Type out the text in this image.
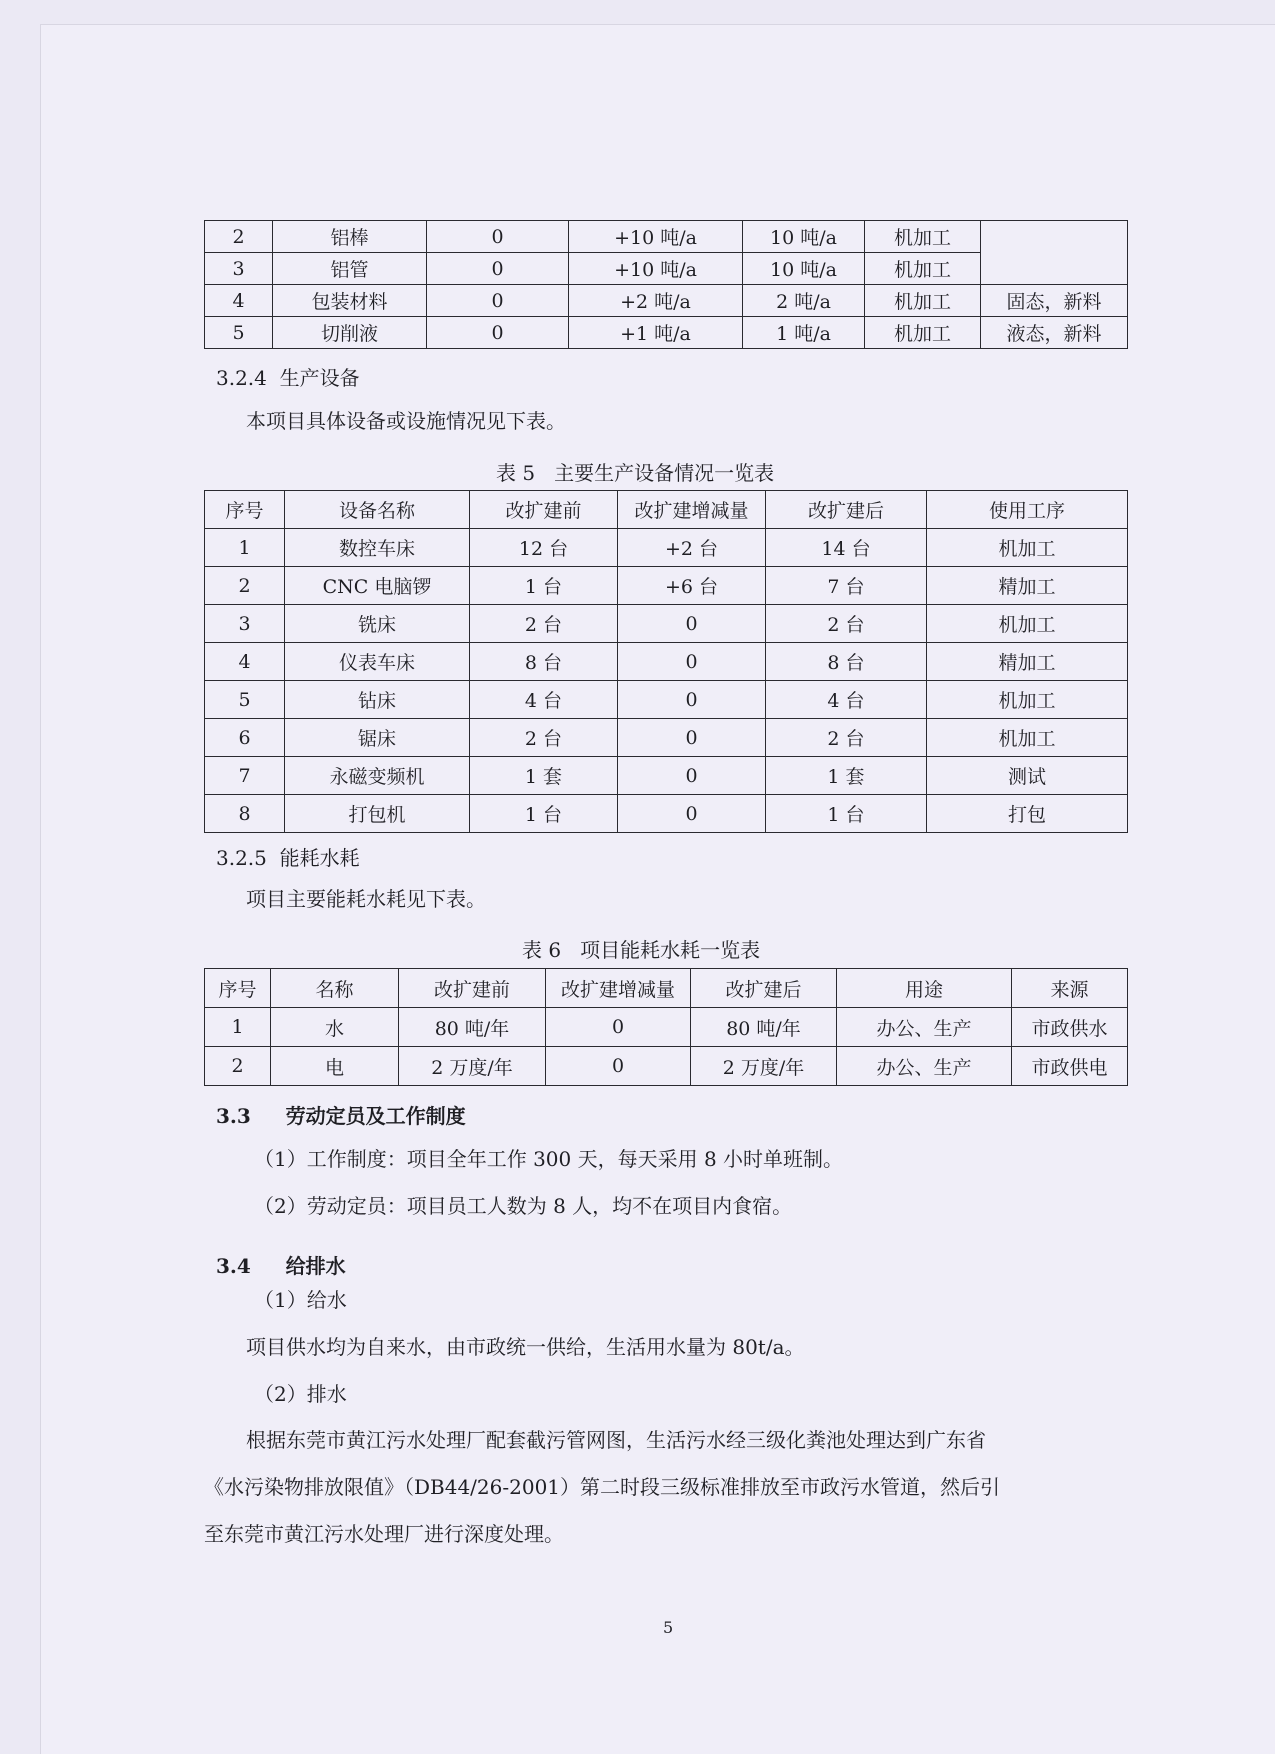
2	铝棒	0	+10 吨/a	10 吨/a	机加工	
3	铝管	0	+10 吨/a	10 吨/a	机加工	
4	包装材料	0	+2 吨/a	2 吨/a	机加工	固态，新料
5	切削液	0	+1 吨/a	1 吨/a	机加工	液态，新料
3.2.4 生产设备
本项目具体设备或设施情况见下表。
表 5 主要生产设备情况一览表
序号	设备名称	改扩建前	改扩建增减量	改扩建后	使用工序
1	数控车床	12 台	+2 台	14 台	机加工
2	CNC 电脑锣	1 台	+6 台	7 台	精加工
3	铣床	2 台	0	2 台	机加工
4	仪表车床	8 台	0	8 台	精加工
5	钻床	4 台	0	4 台	机加工
6	锯床	2 台	0	2 台	机加工
7	永磁变频机	1 套	0	1 套	测试
8	打包机	1 台	0	1 台	打包
3.2.5 能耗水耗
项目主要能耗水耗见下表。
表 6 项目能耗水耗一览表
序号	名称	改扩建前	改扩建增减量	改扩建后	用途	来源
1	水	80 吨/年	0	80 吨/年	办公、生产	市政供水
2	电	2 万度/年	0	2 万度/年	办公、生产	市政供电
3.3 劳动定员及工作制度
（1）工作制度：项目全年工作 300 天，每天采用 8 小时单班制。
（2）劳动定员：项目员工人数为 8 人，均不在项目内食宿。
3.4 给排水
（1）给水
项目供水均为自来水，由市政统一供给，生活用水量为 80t/a。
（2）排水
根据东莞市黄江污水处理厂配套截污管网图，生活污水经三级化粪池处理达到广东省
《水污染物排放限值》（DB44/26-2001）第二时段三级标准排放至市政污水管道，然后引
至东莞市黄江污水处理厂进行深度处理。
5
